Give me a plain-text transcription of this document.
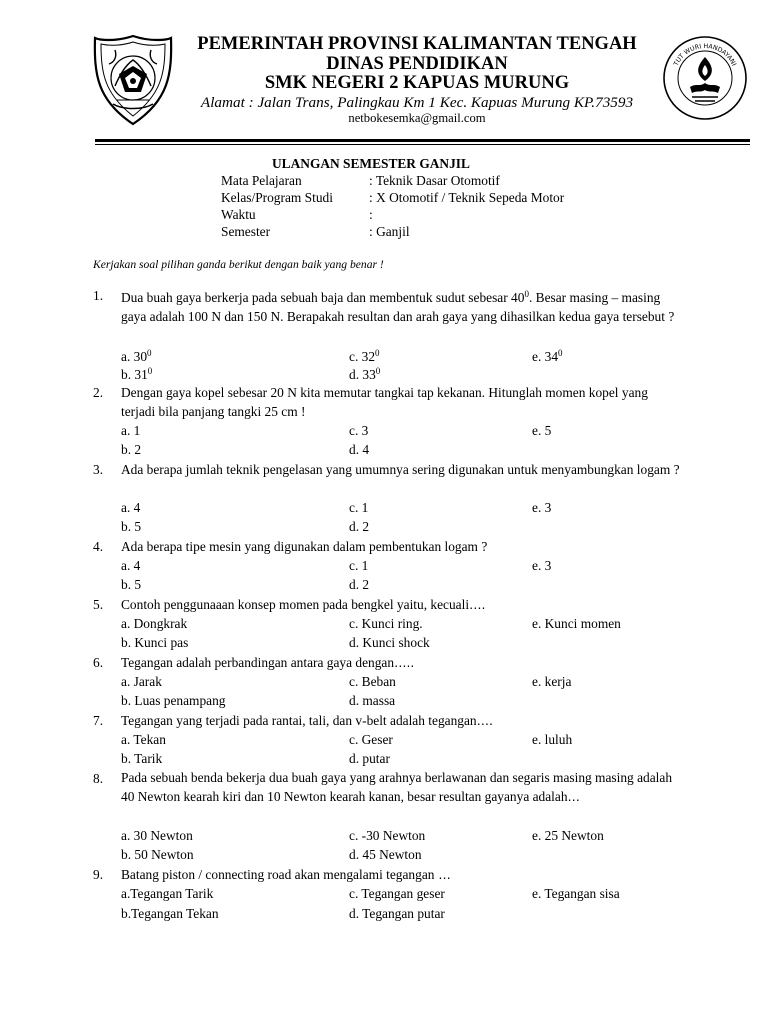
PEMERINTAH PROVINSI KALIMANTAN TENGAH
DINAS PENDIDIKAN
SMK NEGERI 2 KAPUAS MURUNG
Alamat : Jalan Trans, Palingkau Km 1 Kec. Kapuas Murung KP.73593
netbokesemka@gmail.com
TUT WURI HANDAYANI
ULANGAN SEMESTER GANJIL
Mata Pelajaran	: Teknik Dasar Otomotif
Kelas/Program Studi	: X Otomotif / Teknik Sepeda Motor
Waktu	:
Semester	: Ganjil
Kerjakan soal pilihan ganda berikut dengan baik yang benar !
1. Dua buah gaya berkerja pada sebuah baja dan membentuk sudut sebesar $40^0$. Besar masing – masing gaya adalah 100 N dan 150 N. Berapakah resultan dan arah gaya yang dihasilkan kedua gaya tersebut ?
a. $30^0$	c. $32^0$	e. $34^0$
b. $31^0$	d. $33^0$
2. Dengan gaya kopel sebesar 20 N kita memutar tangkai tap kekanan. Hitunglah momen kopel yang terjadi bila panjang tangki 25 cm !
a. 1	c. 3	e. 5
b. 2	d. 4
3. Ada berapa jumlah teknik pengelasan yang umumnya sering digunakan untuk menyambungkan logam ?
a. 4	c. 1	e. 3
b. 5	d. 2
4. Ada berapa tipe mesin yang digunakan dalam pembentukan logam ?
a. 4	c. 1	e. 3
b. 5	d. 2
5. Contoh penggunaaan konsep momen pada bengkel yaitu, kecuali….
a. Dongkrak	c. Kunci ring.	e. Kunci momen
b. Kunci pas	d. Kunci shock
6. Tegangan adalah perbandingan antara gaya dengan…..
a. Jarak	c. Beban	e. kerja
b. Luas penampang	d. massa
7. Tegangan yang terjadi pada rantai, tali, dan v-belt adalah tegangan….
a. Tekan	c. Geser	e. luluh
b. Tarik	d. putar
8. Pada sebuah benda bekerja dua buah gaya yang arahnya berlawanan dan segaris masing masing adalah 40 Newton kearah kiri dan 10 Newton kearah kanan, besar resultan gayanya adalah…
a. 30 Newton	c. -30 Newton	e. 25 Newton
b. 50 Newton	d. 45 Newton
9. Batang piston / connecting road akan mengalami tegangan …
a.Tegangan Tarik	c. Tegangan geser	e. Tegangan sisa
b.Tegangan Tekan	d. Tegangan putar
